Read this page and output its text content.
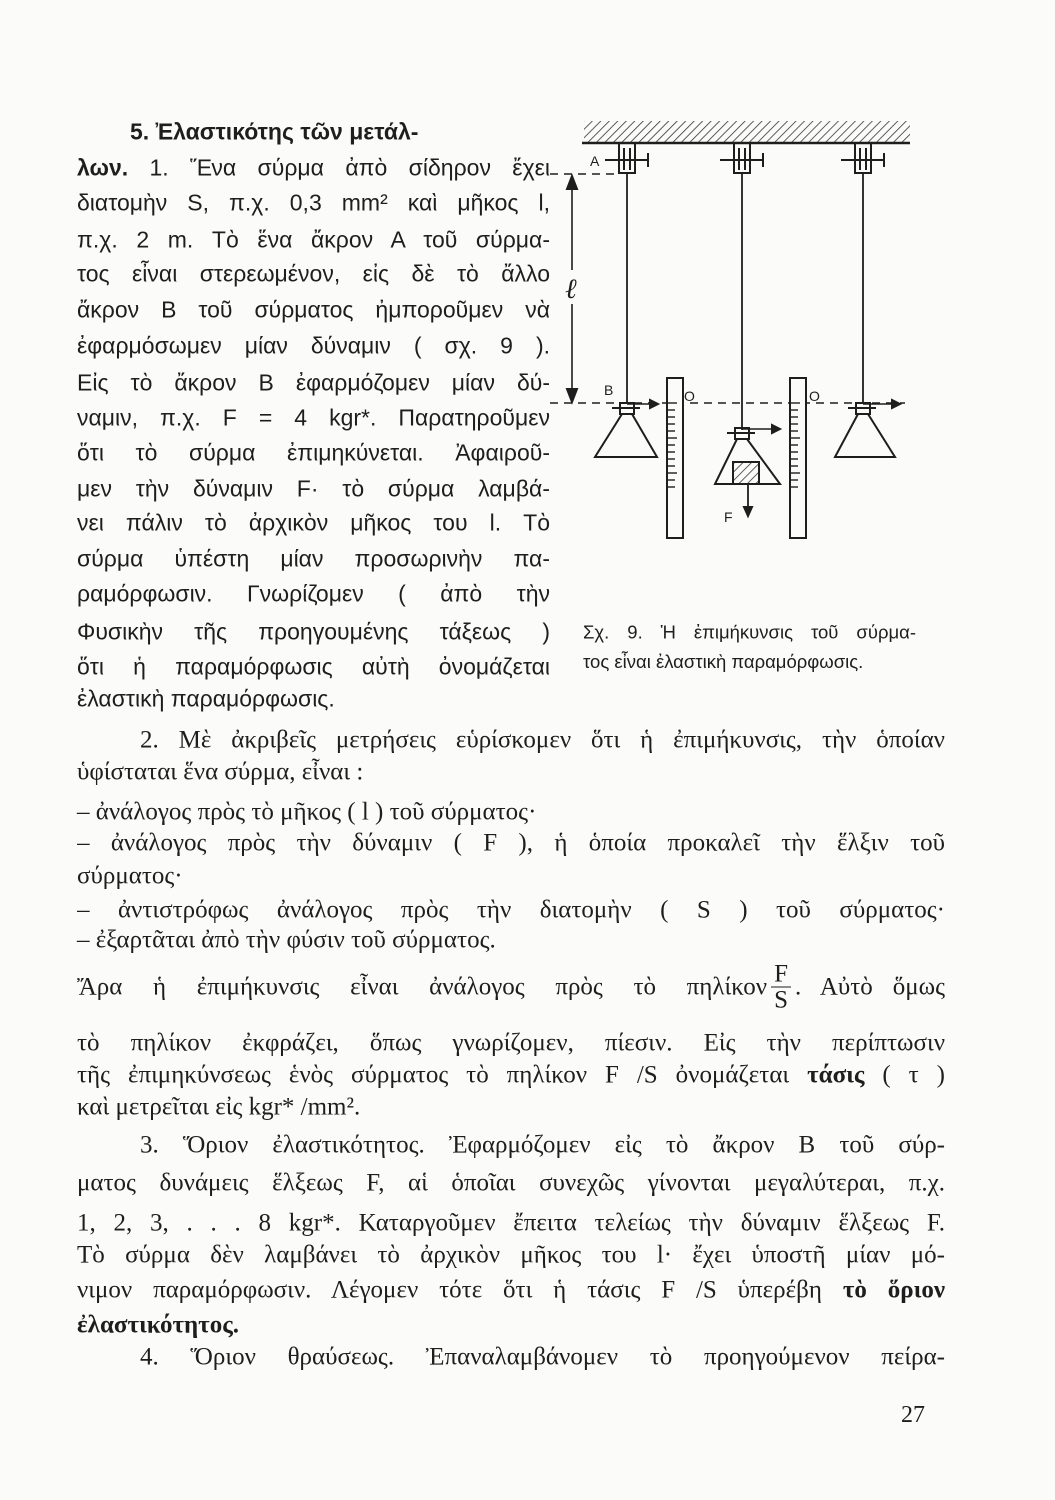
5. Ἐλαστικότης τῶν μετάλ-
λων. 1. Ἕνα σύρμα ἀπὸ σίδηρον ἔχει
διατομὴν S, π.χ. 0,3 mm² καὶ μῆκος l,
π.χ. 2 m. Τὸ ἕνα ἄκρον Α τοῦ σύρμα-
τος εἶναι στερεωμένον, εἰς δὲ τὸ ἄλλο
ἄκρον Β τοῦ σύρματος ἠμποροῦμεν νὰ
ἐφαρμόσωμεν μίαν δύναμιν ( σχ. 9 ).
Εἰς τὸ ἄκρον Β ἐφαρμόζομεν μίαν δύ-
ναμιν, π.χ. F = 4 kgr*. Παρατηροῦμεν
ὅτι τὸ σύρμα ἐπιμηκύνεται. Ἀφαιροῦ-
μεν τὴν δύναμιν F· τὸ σύρμα λαμβά-
νει πάλιν τὸ ἀρχικὸν μῆκος του l. Τὸ
σύρμα ὑπέστη μίαν προσωρινὴν πα-
ραμόρφωσιν. Γνωρίζομεν ( ἀπὸ τὴν
Φυσικὴν τῆς προηγουμένης τάξεως )
ὅτι ἡ παραμόρφωσις αὐτὴ ὀνομάζεται
ἐλαστικὴ παραμόρφωσις.
A
B	O	O
F
ℓ
Σχ. 9. Ἡ ἐπιμήκυνσις τοῦ σύρμα-
τος εἶναι ἐλαστικὴ παραμόρφωσις.
2. Μὲ ἀκριβεῖς μετρήσεις εὑρίσκομεν ὅτι ἡ ἐπιμήκυνσις, τὴν ὁποίαν
ὑφίσταται ἕνα σύρμα, εἶναι :
– ἀνάλογος πρὸς τὸ μῆκος ( l ) τοῦ σύρματος·
– ἀνάλογος πρὸς τὴν δύναμιν ( F ), ἡ ὁποία προκαλεῖ τὴν ἕλξιν τοῦ
σύρματος·
– ἀντιστρόφως ἀνάλογος πρὸς τὴν διατομὴν ( S ) τοῦ σύρματος·
– ἐξαρτᾶται ἀπὸ τὴν φύσιν τοῦ σύρματος.
Ἄρα ἡ ἐπιμήκυνσις εἶναι ἀνάλογος πρὸς τὸ πηλίκον $\frac{F}{S}$ . Αὐτὸ ὅμως
τὸ πηλίκον ἐκφράζει, ὅπως γνωρίζομεν, πίεσιν. Εἰς τὴν περίπτωσιν
τῆς ἐπιμηκύνσεως ἑνὸς σύρματος τὸ πηλίκον F /S ὀνομάζεται τάσις ( τ )
καὶ μετρεῖται εἰς kgr* /mm².
3. Ὅριον ἐλαστικότητος. Ἐφαρμόζομεν εἰς τὸ ἄκρον Β τοῦ σύρ-
ματος δυνάμεις ἕλξεως F, αἱ ὁποῖαι συνεχῶς γίνονται μεγαλύτεραι, π.χ.
1, 2, 3, . . . 8 kgr*. Καταργοῦμεν ἔπειτα τελείως τὴν δύναμιν ἕλξεως F.
Τὸ σύρμα δὲν λαμβάνει τὸ ἀρχικὸν μῆκος του l· ἔχει ὑποστῆ μίαν μό-
νιμον παραμόρφωσιν. Λέγομεν τότε ὅτι ἡ τάσις F /S ὑπερέβη τὸ ὅριον
ἐλαστικότητος.
4. Ὅριον θραύσεως. Ἐπαναλαμβάνομεν τὸ προηγούμενον πείρα-
27
